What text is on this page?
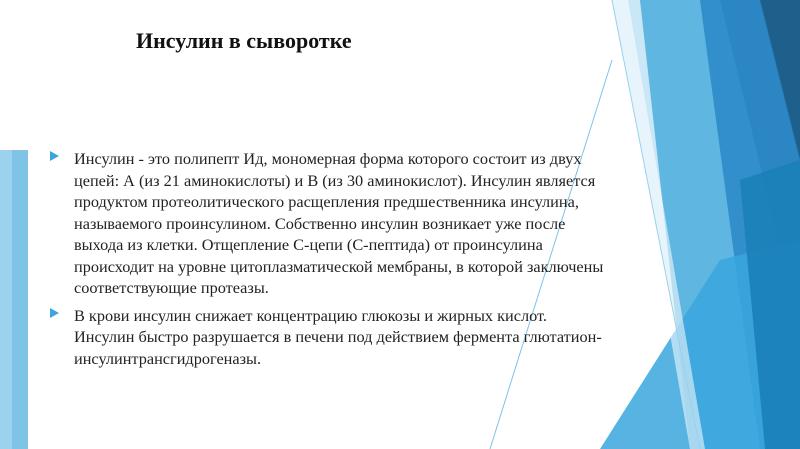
Инсулин в сыворотке
Инсулин - это полипепт Ид, мономерная форма которого состоит из двух цепей: А (из 21 аминокислоты) и В (из 30 аминокислот). Инсулин является продуктом протеолитического расщепления предшественника инсулина, называемого проинсулином. Собственно инсулин возникает уже после выхода из клетки. Отщепление С-цепи (С-пептида) от проинсулина происходит на уровне цитоплазматической мембраны, в которой заключены соответствующие протеазы.
В крови инсулин снижает концентрацию глюкозы и жирных кислот. Инсулин быстро разрушается в печени под действием фермента глютатион-инсулинтрансгидрогеназы.
